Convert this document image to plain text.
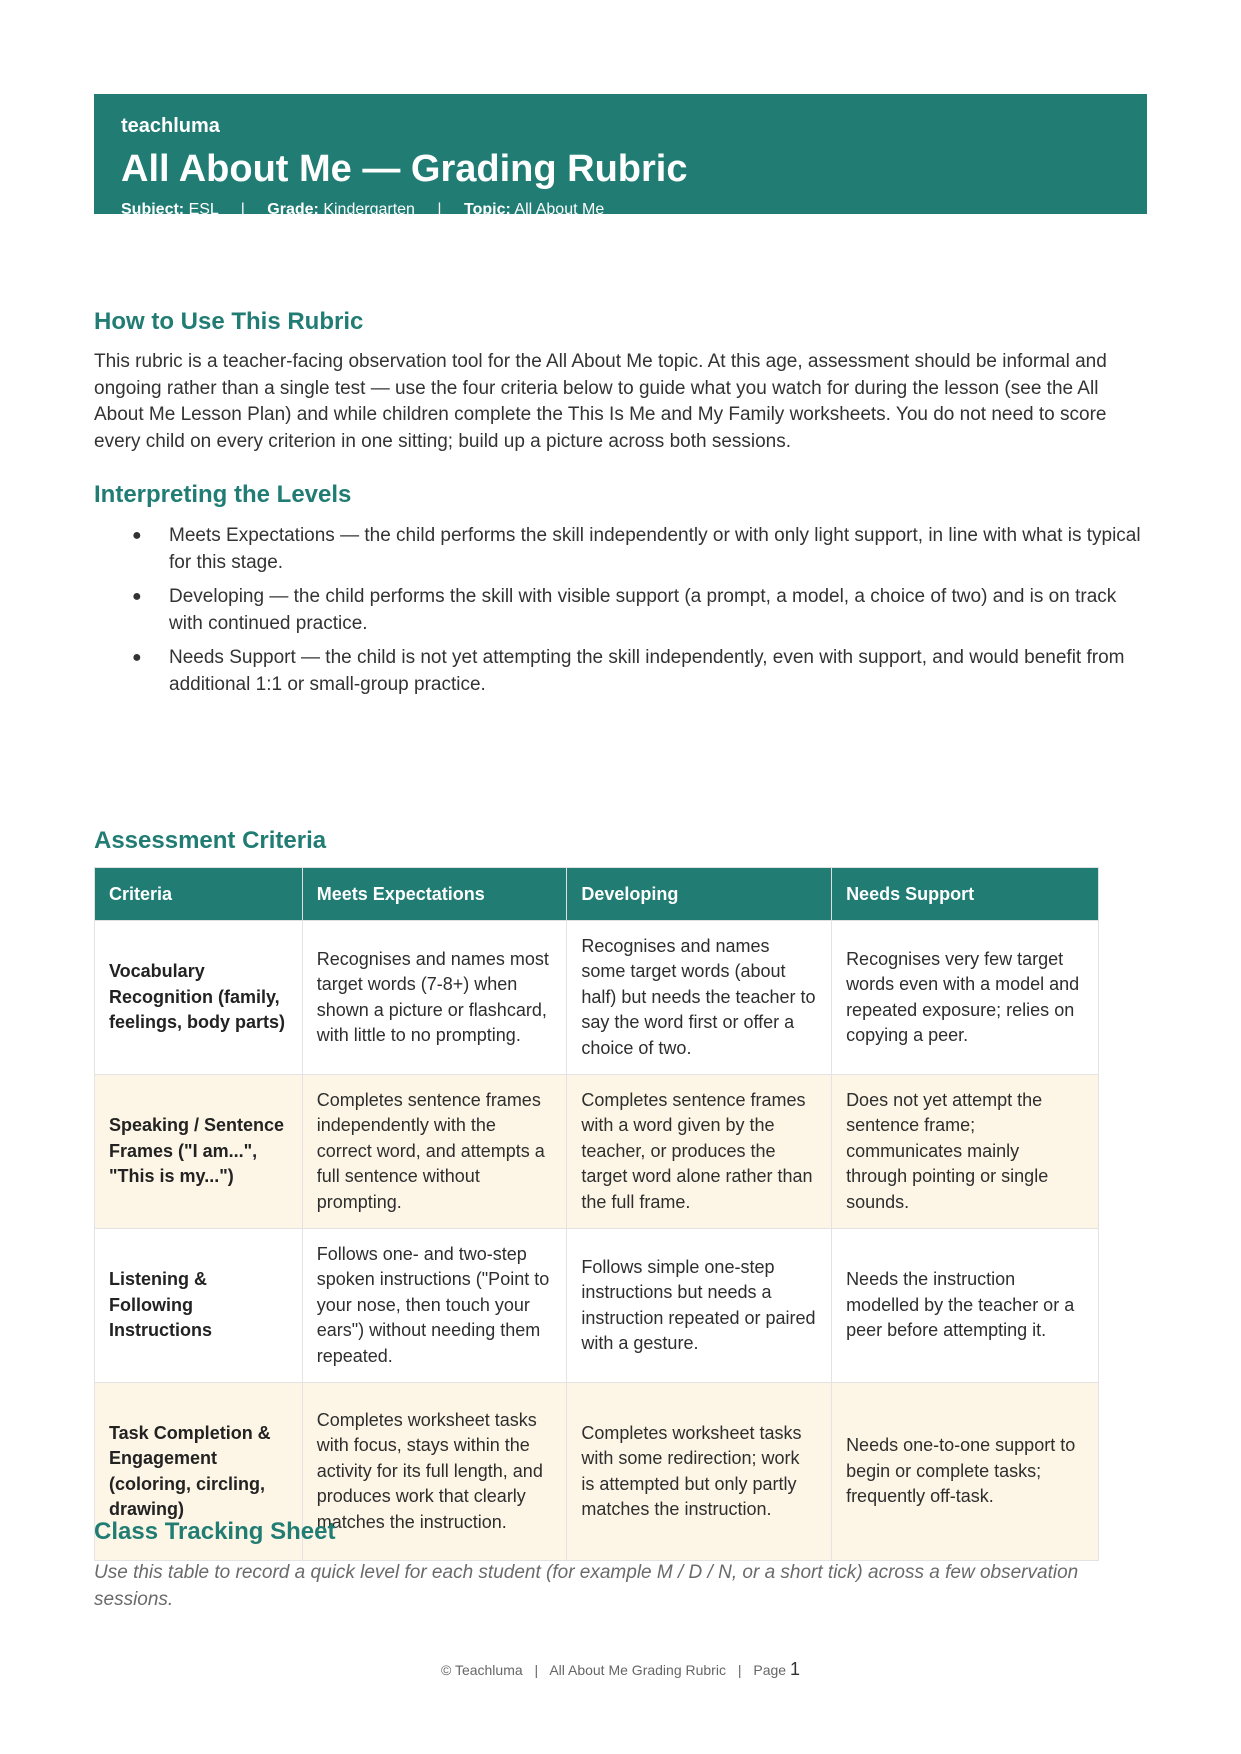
teachluma
All About Me — Grading Rubric
Subject: ESL | Grade: Kindergarten | Topic: All About Me
How to Use This Rubric

This rubric is a teacher-facing observation tool for the All About Me topic. At this age, assessment should be informal and ongoing rather than a single test — use the four criteria below to guide what you watch for during the lesson (see the All About Me Lesson Plan) and while children complete the This Is Me and My Family worksheets. You do not need to score every child on every criterion in one sitting; build up a picture across both sessions.

Interpreting the Levels
● Meets Expectations — the child performs the skill independently or with only light support, in line with what is typical for this stage.
● Developing — the child performs the skill with visible support (a prompt, a model, a choice of two) and is on track with continued practice.
● Needs Support — the child is not yet attempting the skill independently, even with support, and would benefit from additional 1:1 or small-group practice.
Assessment Criteria
Criteria	Meets Expectations	Developing	Needs Support
Vocabulary Recognition (family, feelings, body parts)	Recognises and names most target words (7-8+) when shown a picture or flashcard, with little to no prompting.	Recognises and names some target words (about half) but needs the teacher to say the word first or offer a choice of two.	Recognises very few target words even with a model and repeated exposure; relies on copying a peer.
Speaking / Sentence Frames ("I am...", "This is my...")	Completes sentence frames independently with the correct word, and attempts a full sentence without prompting.	Completes sentence frames with a word given by the teacher, or produces the target word alone rather than the full frame.	Does not yet attempt the sentence frame; communicates mainly through pointing or single sounds.
Listening & Following Instructions	Follows one- and two-step spoken instructions ("Point to your nose, then touch your ears") without needing them repeated.	Follows simple one-step instructions but needs a instruction repeated or paired with a gesture.	Needs the instruction modelled by the teacher or a peer before attempting it.
Task Completion & Engagement (coloring, circling, drawing)	Completes worksheet tasks with focus, stays within the activity for its full length, and produces work that clearly matches the instruction.	Completes worksheet tasks with some redirection; work is attempted but only partly matches the instruction.	Needs one-to-one support to begin or complete tasks; frequently off-task.
Class Tracking Sheet

Use this table to record a quick level for each student (for example M / D / N, or a short tick) across a few observation sessions.

© Teachluma | All About Me Grading Rubric | Page 1
